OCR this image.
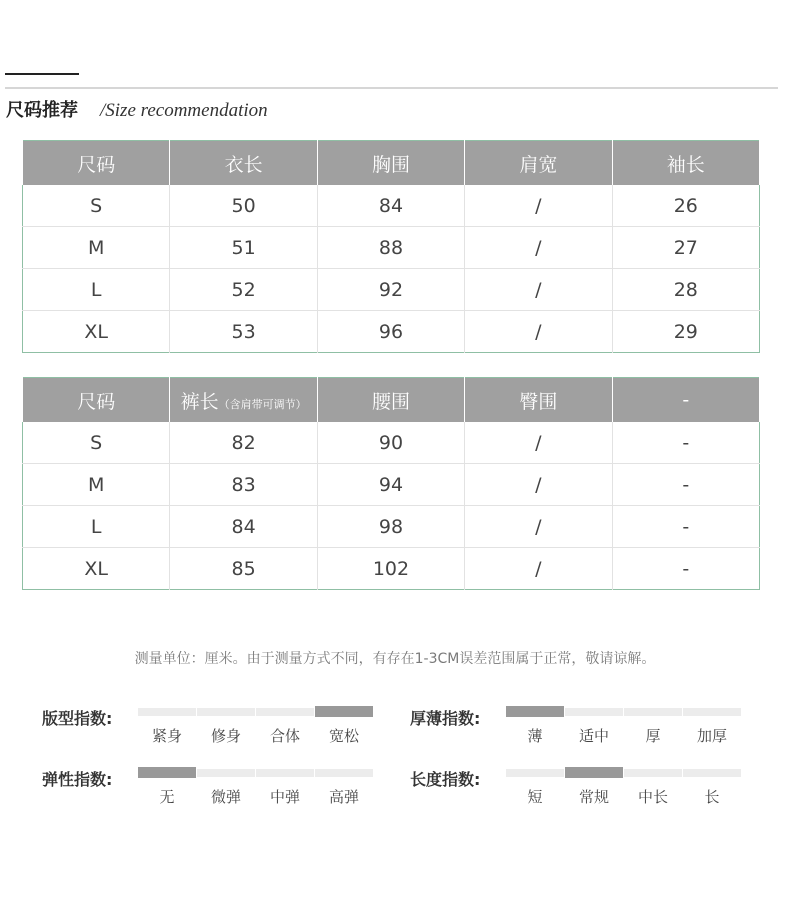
尺码推荐 /Size recommendation
尺码	衣长	胸围	肩宽	袖长
S	50	84	/	26
M	51	88	/	27
L	52	92	/	28
XL	53	96	/	29
尺码	裤长（含肩带可调节）	腰围	臀围	-
S	82	90	/	-
M	83	94	/	-
L	84	98	/	-
XL	85	102	/	-
测量单位：厘米。由于测量方式不同，有存在1-3CM误差范围属于正常，敬请谅解。
版型指数:
紧身 修身 合体 宽松
厚薄指数:
薄 适中 厚 加厚
弹性指数:
无 微弹 中弹 高弹
长度指数:
短 常规 中长 长
